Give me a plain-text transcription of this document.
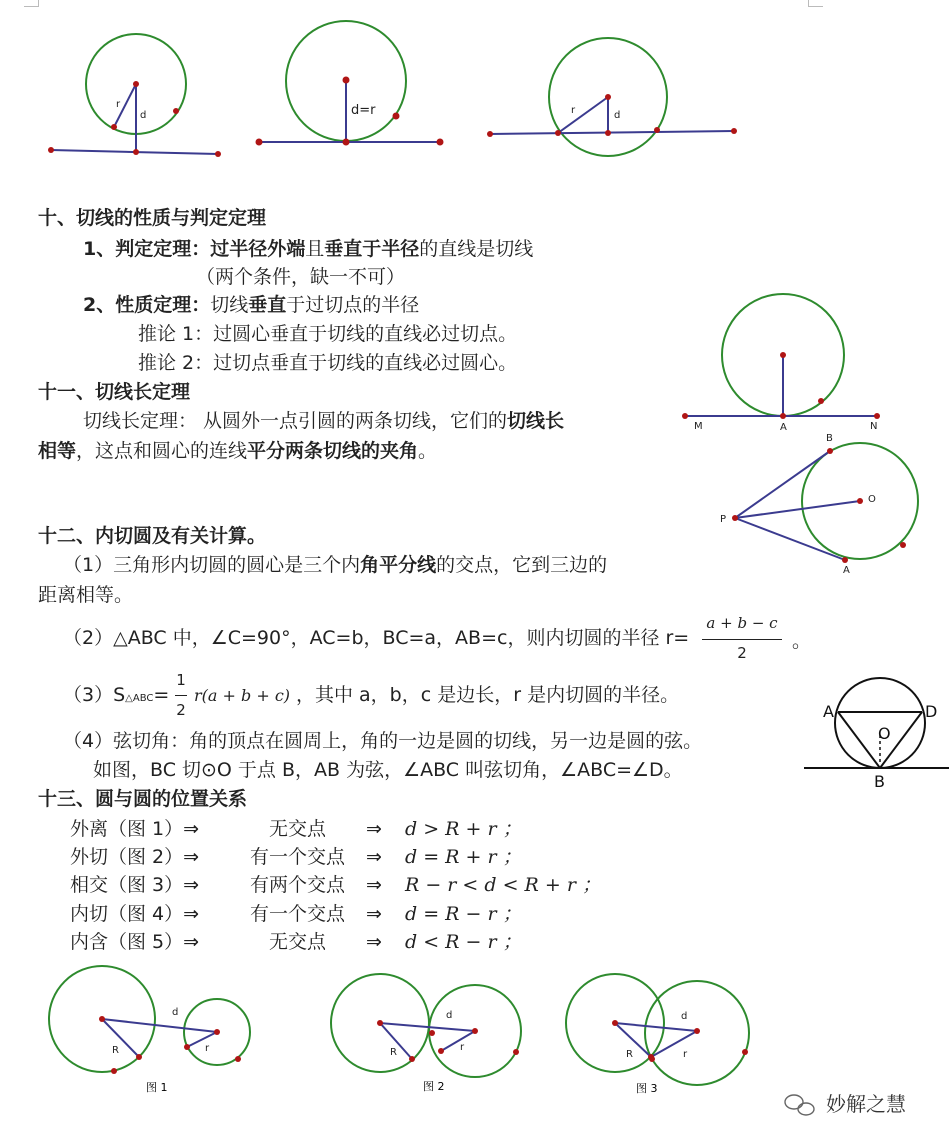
r
d	d=r	r	d
M	A	N
B
O
P
A
A	D
O
B
R
d
r
图 1
R
d
r
图 2
R
d
r
图 3
十、切线的性质与判定定理
1、判定定理：过半径外端且垂直于半径的直线是切线
（两个条件，缺一不可）
2、性质定理：切线垂直于过切点的半径
推论 1：过圆心垂直于切线的直线必过切点。
推论 2：过切点垂直于切线的直线必过圆心。
十一、切线长定理
切线长定理： 从圆外一点引圆的两条切线，它们的切线长
相等，这点和圆心的连线平分两条切线的夹角。
十二、内切圆及有关计算。
（1）三角形内切圆的圆心是三个内角平分线的交点，它到三边的
距离相等。
（2）△ABC 中，∠C=90°，AC=b，BC=a，AB=c，则内切圆的半径 r=
a + b − c
2
。
（3）S△ABC=
1
2
r(a + b + c) ，其中 a，b，c 是边长，r 是内切圆的半径。
（4）弦切角：角的顶点在圆周上，角的一边是圆的切线，另一边是圆的弦。
如图，BC 切⊙O 于点 B，AB 为弦，∠ABC 叫弦切角，∠ABC=∠D。
十三、圆与圆的位置关系
外离（图 1）⇒	无交点	⇒ d > R + r ；
外切（图 2）⇒	有一个交点	⇒ d = R + r ；
相交（图 3）⇒	有两个交点	⇒ R − r < d < R + r ；
内切（图 4）⇒	有一个交点	⇒ d = R − r ；
内含（图 5）⇒	无交点	⇒ d < R − r ；
妙解之慧
